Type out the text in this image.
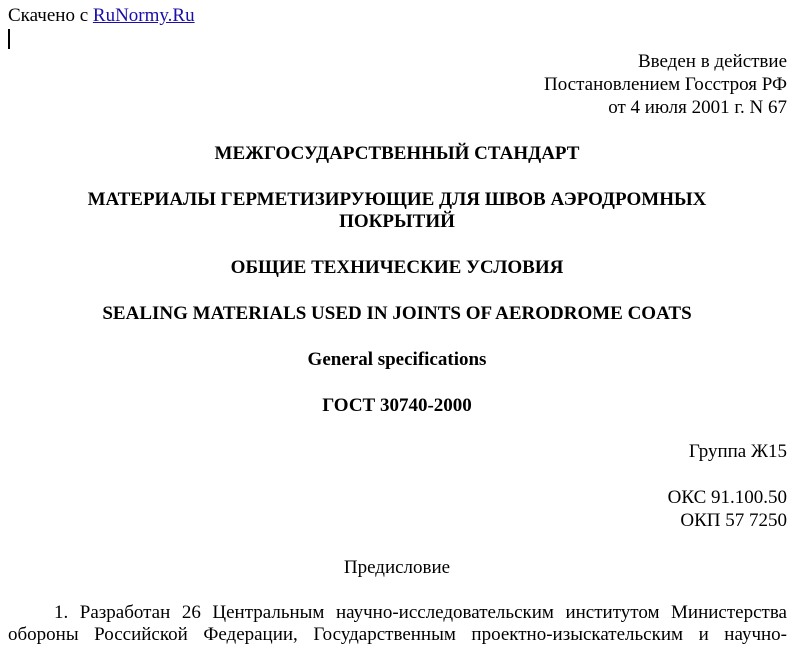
Скачено с RuNormy.Ru
Введен в действие
Постановлением Госстроя РФ
от 4 июля 2001 г. N 67
МЕЖГОСУДАРСТВЕННЫЙ СТАНДАРТ
МАТЕРИАЛЫ ГЕРМЕТИЗИРУЮЩИЕ ДЛЯ ШВОВ АЭРОДРОМНЫХ
ПОКРЫТИЙ
ОБЩИЕ ТЕХНИЧЕСКИЕ УСЛОВИЯ
SEALING MATERIALS USED IN JOINTS OF AERODROME COATS
General specifications
ГОСТ 30740-2000
Группа Ж15
ОКС 91.100.50
ОКП 57 7250
Предисловие
1. Разработан 26 Центральным научно-исследовательским институтом Министерства
обороны Российской Федерации, Государственным проектно-изыскательским и научно-
